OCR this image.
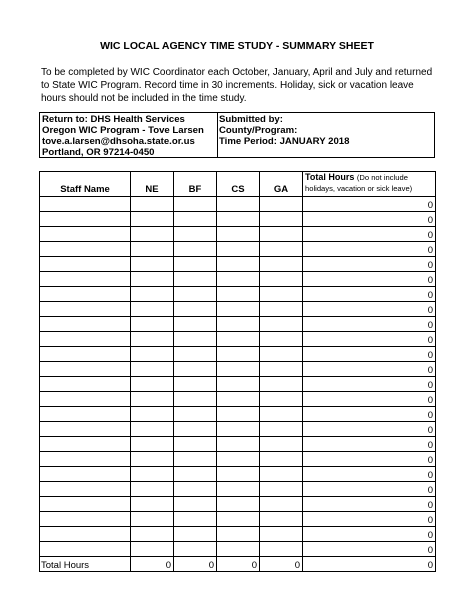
WIC LOCAL AGENCY TIME STUDY - SUMMARY SHEET
To be completed by WIC Coordinator each October, January, April and July and returned to State WIC Program. Record time in 30 increments. Holiday, sick or vacation leave hours should not be included in the time study.
Return to: DHS Health Services
Oregon WIC Program - Tove Larsen
tove.a.larsen@dhsoha.state.or.us
Portland, OR 97214-0450
Submitted by:
County/Program:
Time Period: JANUARY 2018
Staff Name	NE	BF	CS	GA	Total Hours (Do not include holidays, vacation or sick leave)
					0
					0
					0
					0
					0
					0
					0
					0
					0
					0
					0
					0
					0
					0
					0
					0
					0
					0
					0
					0
					0
					0
					0
					0
Total Hours	0	0	0	0	0
